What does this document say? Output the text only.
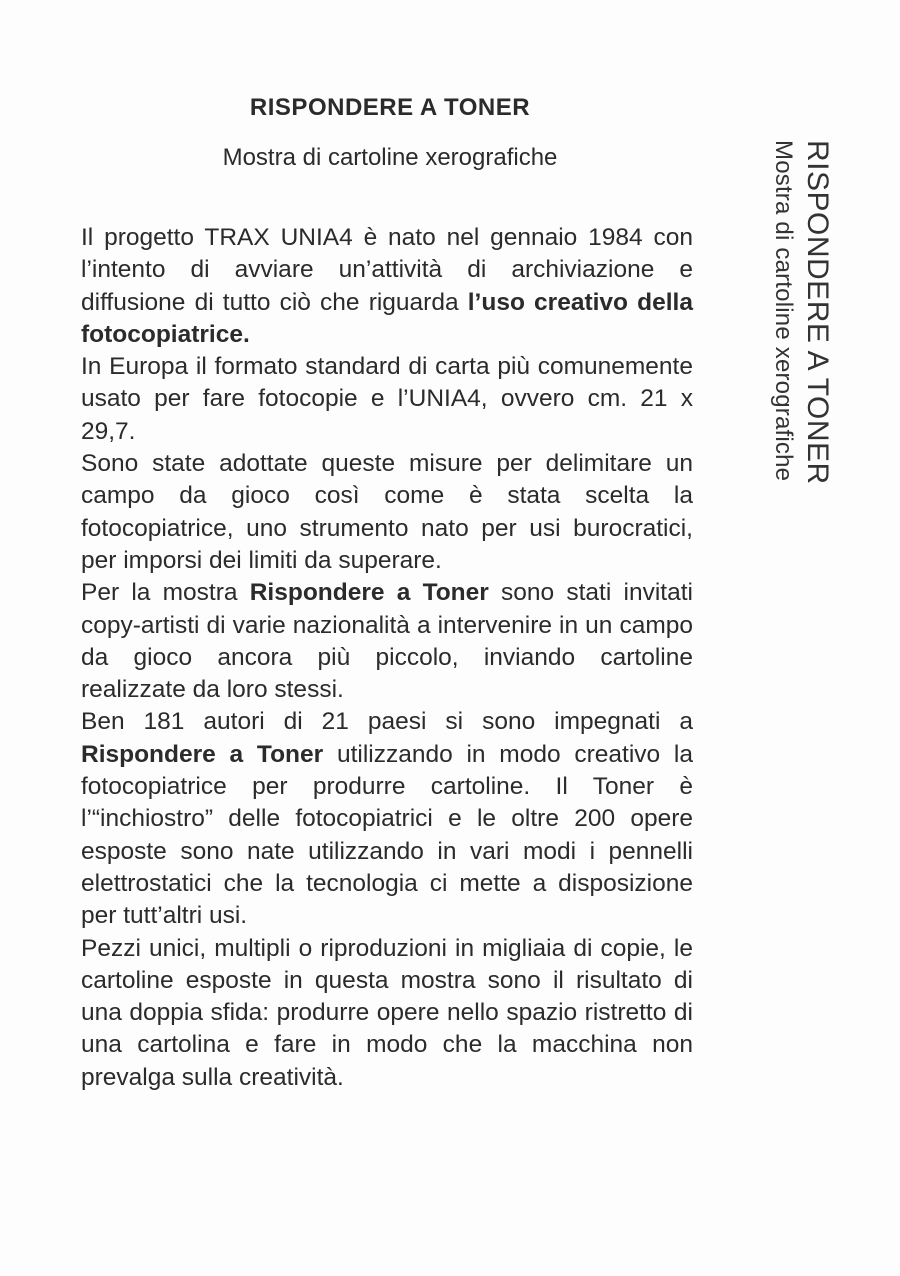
RISPONDERE A TONER
Mostra di cartoline xerografiche

Il progetto TRAX UNIA4 è nato nel gennaio 1984 con l’intento di avviare un’attività di archiviazione e diffusione di tutto ciò che riguarda l’uso creativo della fotocopiatrice.

In Europa il formato standard di carta più comunemente usato per fare fotocopie e l’UNIA4, ovvero cm. 21 x 29,7.

Sono state adottate queste misure per delimitare un campo da gioco così come è stata scelta la fotocopiatrice, uno strumento nato per usi burocratici, per imporsi dei limiti da superare.

Per la mostra Rispondere a Toner sono stati invitati copy-artisti di varie nazionalità a intervenire in un campo da gioco ancora più piccolo, inviando cartoline realizzate da loro stessi.

Ben 181 autori di 21 paesi si sono impegnati a Rispondere a Toner utilizzando in modo creativo la fotocopiatrice per produrre cartoline. Il Toner è l’“inchiostro” delle fotocopiatrici e le oltre 200 opere esposte sono nate utilizzando in vari modi i pennelli elettrostatici che la tecnologia ci mette a disposizione per tutt’altri usi.

Pezzi unici, multipli o riproduzioni in migliaia di copie, le cartoline esposte in questa mostra sono il risultato di una doppia sfida: produrre opere nello spazio ristretto di una cartolina e fare in modo che la macchina non prevalga sulla creatività.

RISPONDERE A TONER
Mostra di cartoline xerografiche
